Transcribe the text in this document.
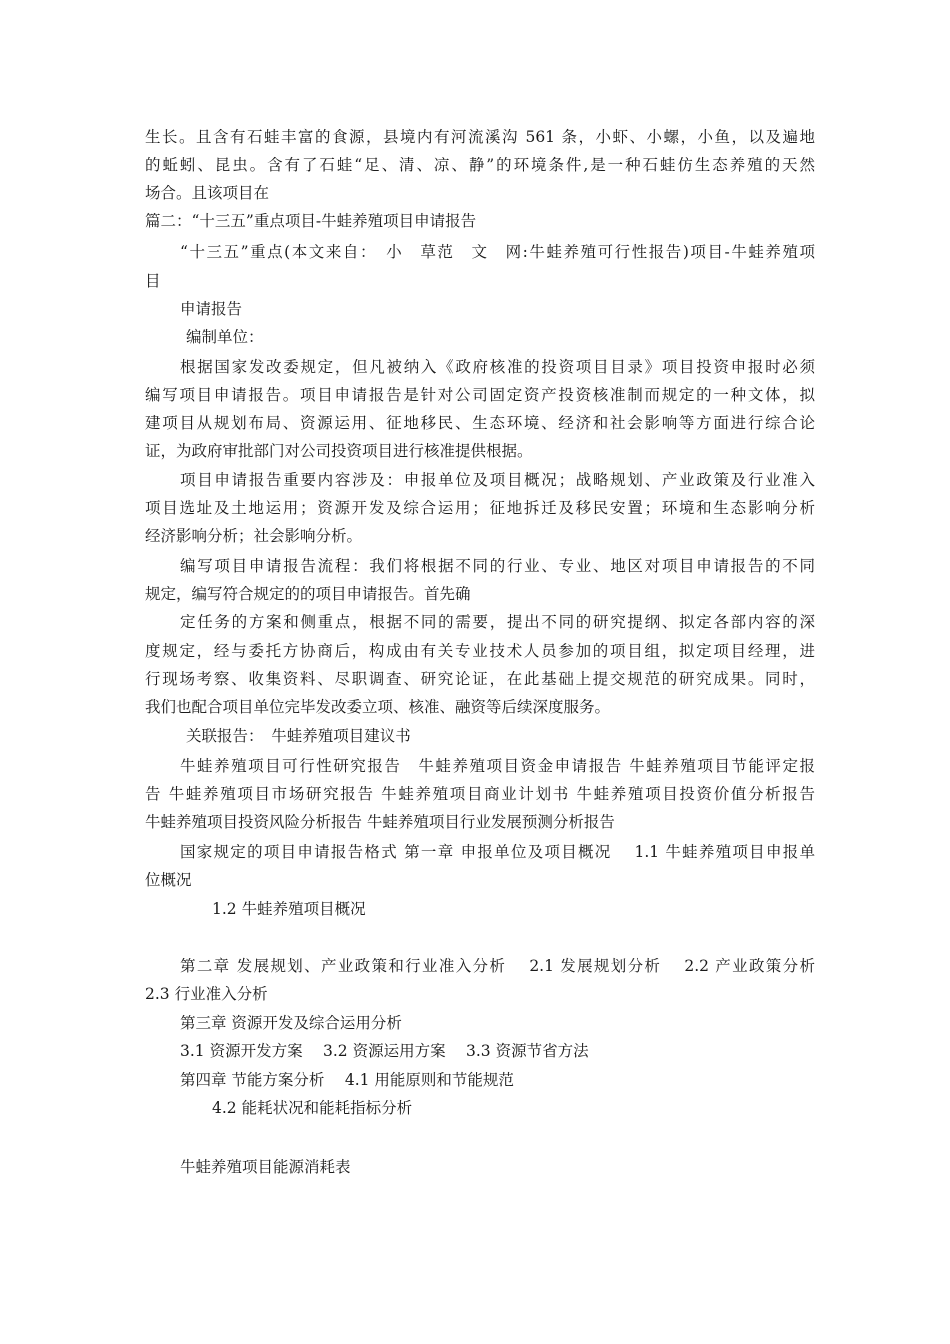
生长。且含有石蛙丰富的食源，县境内有河流溪沟 561 条，小虾、小螺，小鱼，以及遍地

的蚯蚓、昆虫。含有了石蛙“足、清、凉、静”的环境条件,是一种石蛙仿生态养殖的天然

场合。且该项目在

篇二：“十三五”重点项目-牛蛙养殖项目申请报告

“十三五”重点(本文来自：　小　草范　文　网:牛蛙养殖可行性报告)项目-牛蛙养殖项

目

申请报告

编制单位：

根据国家发改委规定，但凡被纳入《政府核准的投资项目目录》项目投资申报时必须

编写项目申请报告。项目申请报告是针对公司固定资产投资核准制而规定的一种文体，拟

建项目从规划布局、资源运用、征地移民、生态环境、经济和社会影响等方面进行综合论

证，为政府审批部门对公司投资项目进行核准提供根据。

项目申请报告重要内容涉及：申报单位及项目概况；战略规划、产业政策及行业准入

项目选址及土地运用；资源开发及综合运用；征地拆迁及移民安置；环境和生态影响分析

经济影响分析；社会影响分析。

编写项目申请报告流程：我们将根据不同的行业、专业、地区对项目申请报告的不同

规定，编写符合规定的的项目申请报告。首先确

定任务的方案和侧重点，根据不同的需要，提出不同的研究提纲、拟定各部内容的深

度规定，经与委托方协商后，构成由有关专业技术人员参加的项目组，拟定项目经理，进

行现场考察、收集资料、尽职调查、研究论证，在此基础上提交规范的研究成果。同时，

我们也配合项目单位完毕发改委立项、核准、融资等后续深度服务。

关联报告：　牛蛙养殖项目建议书

牛蛙养殖项目可行性研究报告　牛蛙养殖项目资金申请报告 牛蛙养殖项目节能评定报

告 牛蛙养殖项目市场研究报告 牛蛙养殖项目商业计划书 牛蛙养殖项目投资价值分析报告

牛蛙养殖项目投资风险分析报告 牛蛙养殖项目行业发展预测分析报告

国家规定的项目申请报告格式 第一章 申报单位及项目概况　 1.1 牛蛙养殖项目申报单

位概况

1.2 牛蛙养殖项目概况

第二章 发展规划、产业政策和行业准入分析　 2.1 发展规划分析　 2.2 产业政策分析

2.3 行业准入分析

第三章 资源开发及综合运用分析

3.1 资源开发方案　 3.2 资源运用方案　 3.3 资源节省方法

第四章 节能方案分析　 4.1 用能原则和节能规范

4.2 能耗状况和能耗指标分析

牛蛙养殖项目能源消耗表
